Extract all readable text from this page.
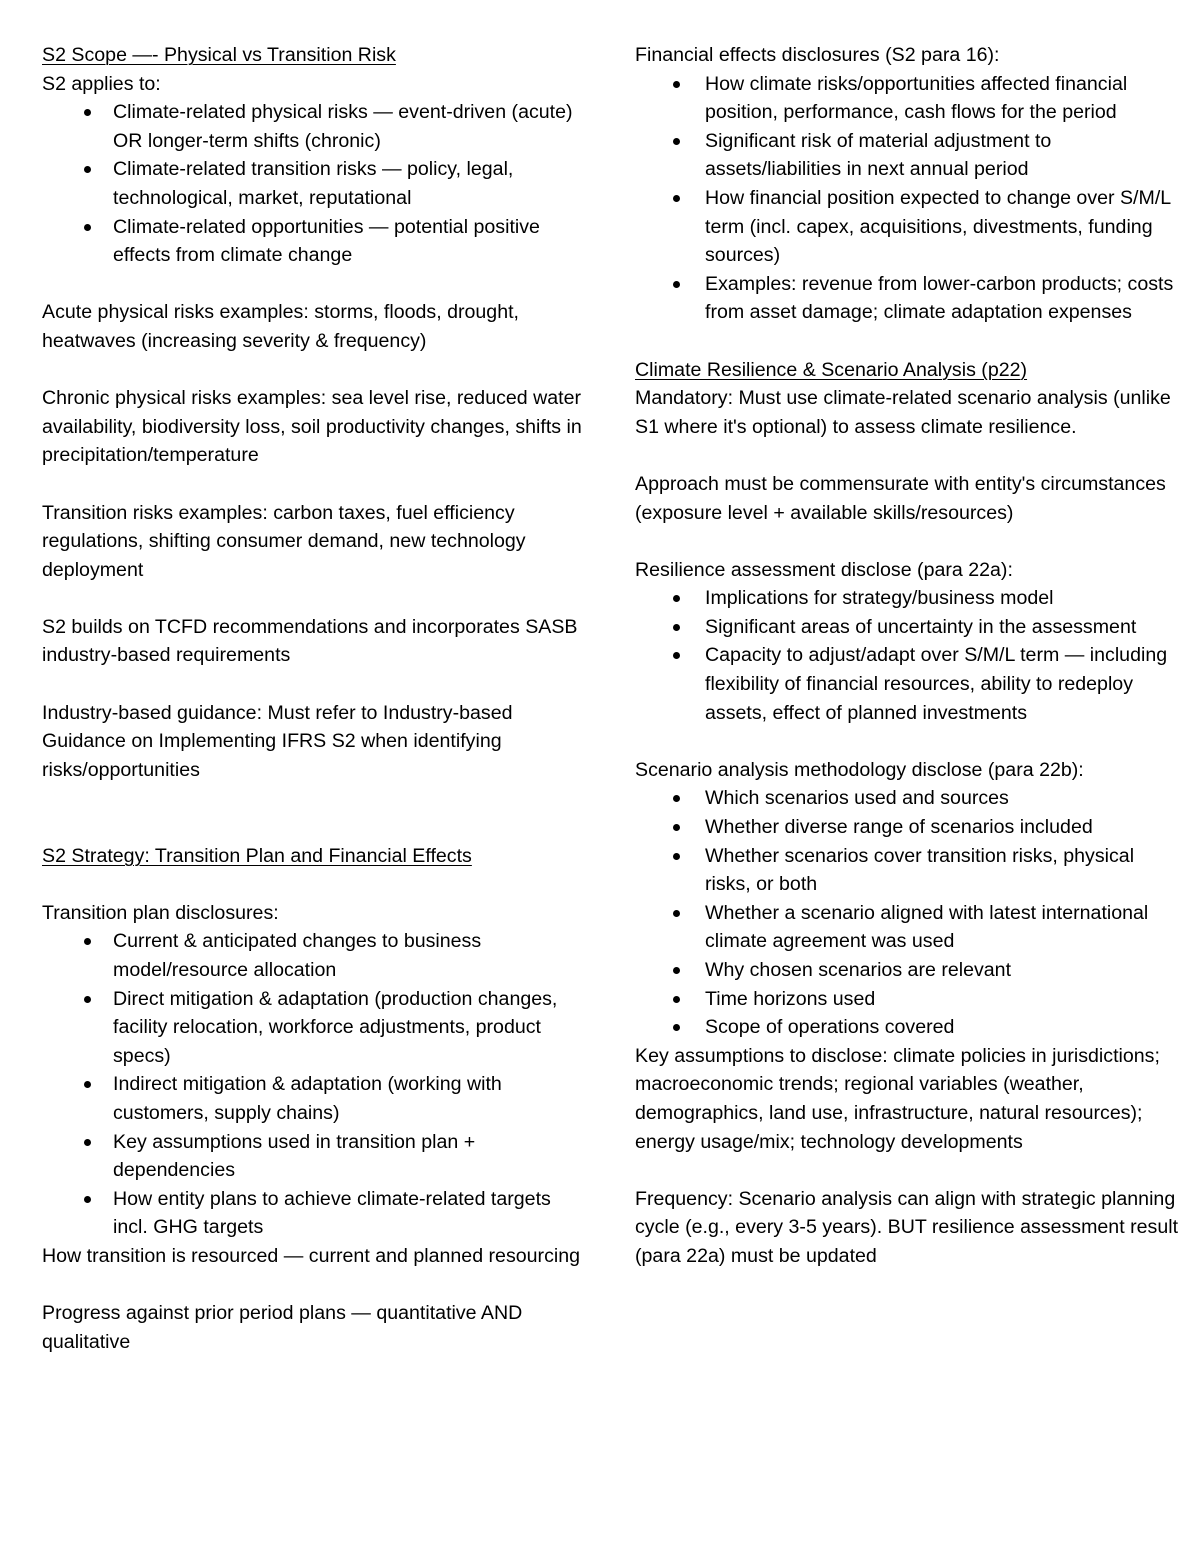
S2 Scope —- Physical vs Transition Risk

S2 applies to:

Climate-related physical risks — event-driven (acute) OR longer-term shifts (chronic)
Climate-related transition risks — policy, legal, technological, market, reputational
Climate-related opportunities — potential positive effects from climate change

Acute physical risks examples: storms, floods, drought, heatwaves (increasing severity & frequency)

Chronic physical risks examples: sea level rise, reduced water availability, biodiversity loss, soil productivity changes, shifts in precipitation/temperature

Transition risks examples: carbon taxes, fuel efficiency regulations, shifting consumer demand, new technology deployment

S2 builds on TCFD recommendations and incorporates SASB industry-based requirements

Industry-based guidance: Must refer to Industry-based Guidance on Implementing IFRS S2 when identifying risks/opportunities

S2 Strategy: Transition Plan and Financial Effects

Transition plan disclosures:

Current & anticipated changes to business model/resource allocation
Direct mitigation & adaptation (production changes, facility relocation, workforce adjustments, product specs)
Indirect mitigation & adaptation (working with customers, supply chains)
Key assumptions used in transition plan + dependencies
How entity plans to achieve climate-related targets incl. GHG targets

How transition is resourced — current and planned resourcing

Progress against prior period plans — quantitative AND qualitative

Financial effects disclosures (S2 para 16):

How climate risks/opportunities affected financial position, performance, cash flows for the period
Significant risk of material adjustment to assets/liabilities in next annual period
How financial position expected to change over S/M/L term (incl. capex, acquisitions, divestments, funding sources)
Examples: revenue from lower-carbon products; costs from asset damage; climate adaptation expenses

Climate Resilience & Scenario Analysis (p22)

Mandatory: Must use climate-related scenario analysis (unlike S1 where it's optional) to assess climate resilience.

Approach must be commensurate with entity's circumstances (exposure level + available skills/resources)

Resilience assessment disclose (para 22a):

Implications for strategy/business model
Significant areas of uncertainty in the assessment
Capacity to adjust/adapt over S/M/L term — including flexibility of financial resources, ability to redeploy assets, effect of planned investments

Scenario analysis methodology disclose (para 22b):

Which scenarios used and sources
Whether diverse range of scenarios included
Whether scenarios cover transition risks, physical risks, or both
Whether a scenario aligned with latest international climate agreement was used
Why chosen scenarios are relevant
Time horizons used
Scope of operations covered

Key assumptions to disclose: climate policies in jurisdictions; macroeconomic trends; regional variables (weather, demographics, land use, infrastructure, natural resources); energy usage/mix; technology developments

Frequency: Scenario analysis can align with strategic planning cycle (e.g., every 3-5 years). BUT resilience assessment result (para 22a) must be updated
